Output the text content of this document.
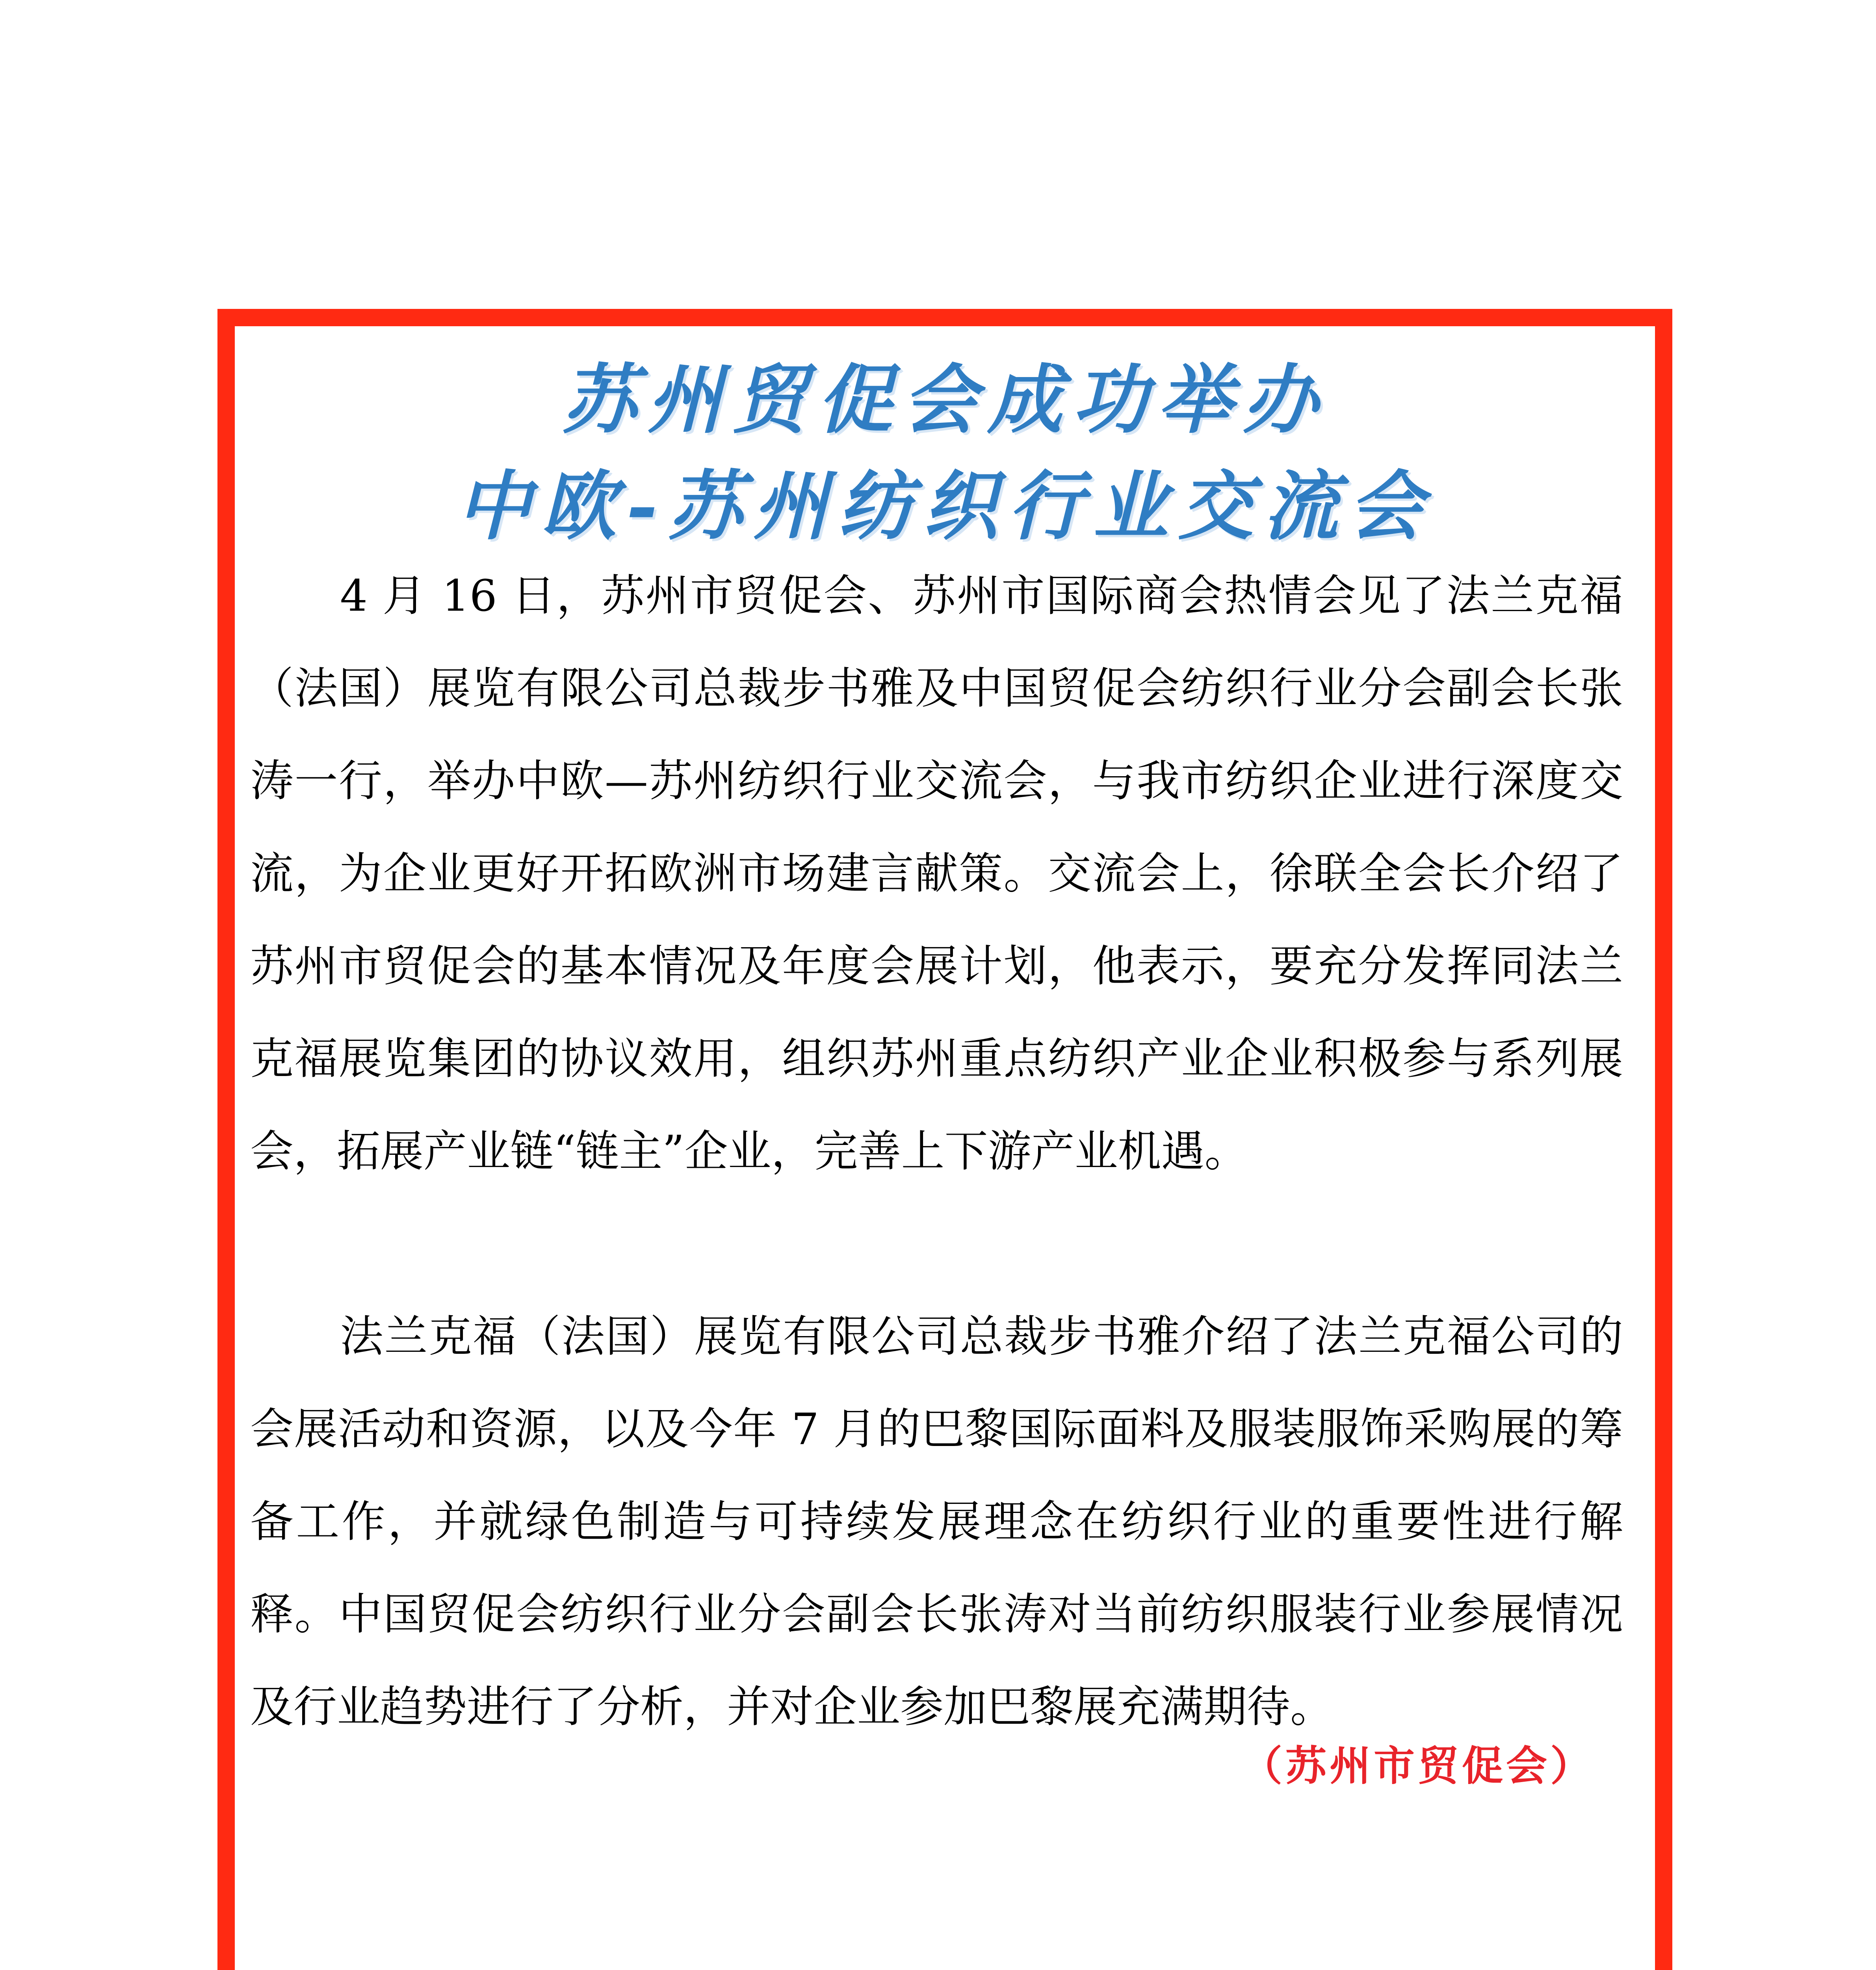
苏州贸促会成功举办
中欧-苏州纺织行业交流会

4 月 16 日，苏州市贸促会、苏州市国际商会热情会见了法兰克福（法国）展览有限公司总裁步书雅及中国贸促会纺织行业分会副会长张涛一行，举办中欧—苏州纺织行业交流会，与我市纺织企业进行深度交流，为企业更好开拓欧洲市场建言献策。交流会上，徐联全会长介绍了苏州市贸促会的基本情况及年度会展计划，他表示，要充分发挥同法兰克福展览集团的协议效用，组织苏州重点纺织产业企业积极参与系列展会，拓展产业链“链主”企业，完善上下游产业机遇。

法兰克福（法国）展览有限公司总裁步书雅介绍了法兰克福公司的会展活动和资源，以及今年 7 月的巴黎国际面料及服装服饰采购展的筹备工作，并就绿色制造与可持续发展理念在纺织行业的重要性进行解释。中国贸促会纺织行业分会副会长张涛对当前纺织服装行业参展情况及行业趋势进行了分析，并对企业参加巴黎展充满期待。

（苏州市贸促会）
